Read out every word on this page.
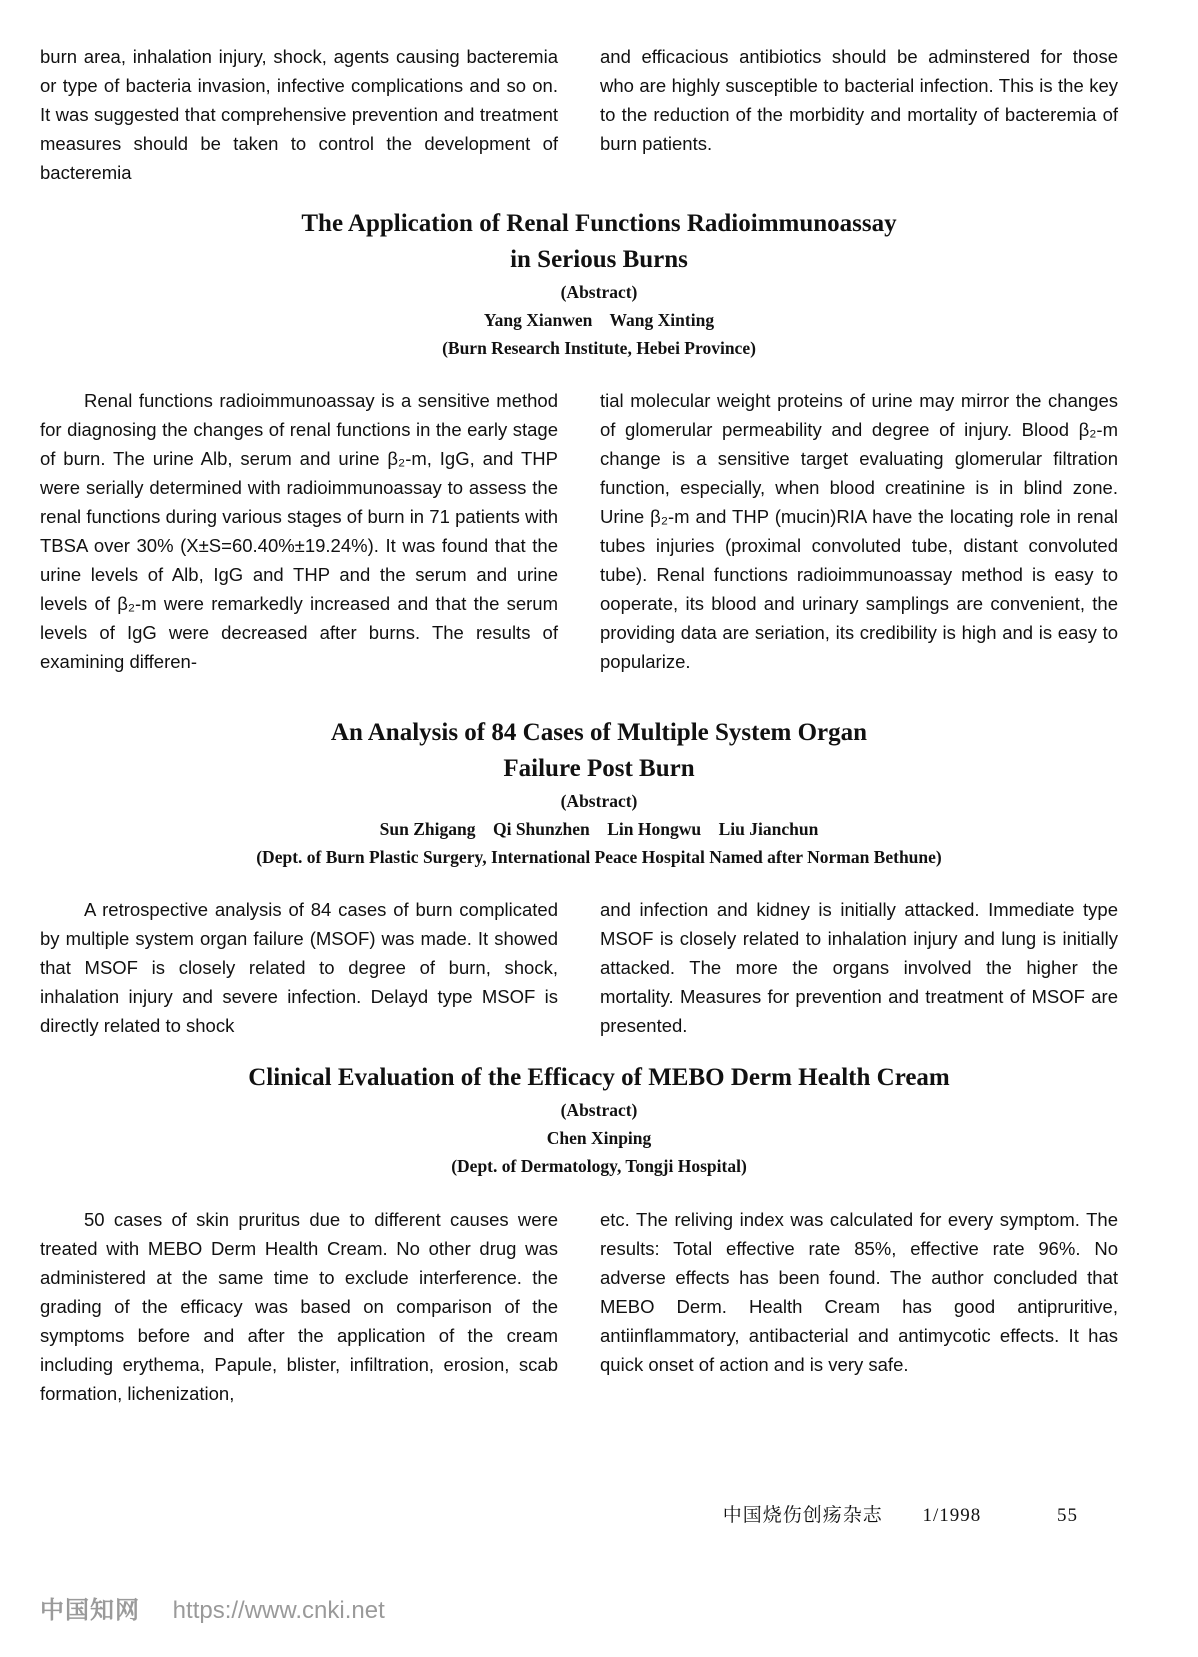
burn area, inhalation injury, shock, agents causing bacteremia or type of bacteria invasion, infective complications and so on. It was suggested that comprehensive prevention and treatment measures should be taken to control the development of bacteremia

and efficacious antibiotics should be adminstered for those who are highly susceptible to bacterial infection. This is the key to the reduction of the morbidity and mortality of bacteremia of burn patients.

The Application of Renal Functions Radioimmunoassay

in Serious Burns

(Abstract)

Yang Xianwen    Wang Xinting

(Burn Research Institute, Hebei Province)

Renal functions radioimmunoassay is a sensitive method for diagnosing the changes of renal functions in the early stage of burn. The urine Alb, serum and urine β₂-m, IgG, and THP were serially determined with radioimmunoassay to assess the renal functions during various stages of burn in 71 patients with TBSA over 30% (X±S=60.40%±19.24%). It was found that the urine levels of Alb, IgG and THP and the serum and urine levels of β₂-m were remarkedly increased and that the serum levels of IgG were decreased after burns. The results of examining differen-

tial molecular weight proteins of urine may mirror the changes of glomerular permeability and degree of injury. Blood β₂-m change is a sensitive target evaluating glomerular filtration function, especially, when blood creatinine is in blind zone. Urine β₂-m and THP (mucin)RIA have the locating role in renal tubes injuries (proximal convoluted tube, distant convoluted tube). Renal functions radioimmunoassay method is easy to ooperate, its blood and urinary samplings are convenient, the providing data are seriation, its credibility is high and is easy to popularize.

An Analysis of 84 Cases of Multiple System Organ

Failure Post Burn

(Abstract)

Sun Zhigang    Qi Shunzhen    Lin Hongwu    Liu Jianchun

(Dept. of Burn Plastic Surgery, International Peace Hospital Named after Norman Bethune)

A retrospective analysis of 84 cases of burn complicated by multiple system organ failure (MSOF) was made. It showed that MSOF is closely related to degree of burn, shock, inhalation injury and severe infection. Delayd type MSOF is directly related to shock

and infection and kidney is initially attacked. Immediate type MSOF is closely related to inhalation injury and lung is initially attacked. The more the organs involved the higher the mortality. Measures for prevention and treatment of MSOF are presented.

Clinical Evaluation of the Efficacy of MEBO Derm Health Cream

(Abstract)

Chen Xinping

(Dept. of Dermatology, Tongji Hospital)

50 cases of skin pruritus due to different causes were treated with MEBO Derm Health Cream. No other drug was administered at the same time to exclude interference. the grading of the efficacy was based on comparison of the symptoms before and after the application of the cream including erythema, Papule, blister, infiltration, erosion, scab formation, lichenization,

etc. The reliving index was calculated for every symptom. The results: Total effective rate 85%, effective rate 96%. No adverse effects has been found. The author concluded that MEBO Derm. Health Cream has good antipruritive, antiinflammatory, antibacterial and antimycotic effects. It has quick onset of action and is very safe.

中国烧伤创疡杂志 1/1998	55
中国知网 https://www.cnki.net
